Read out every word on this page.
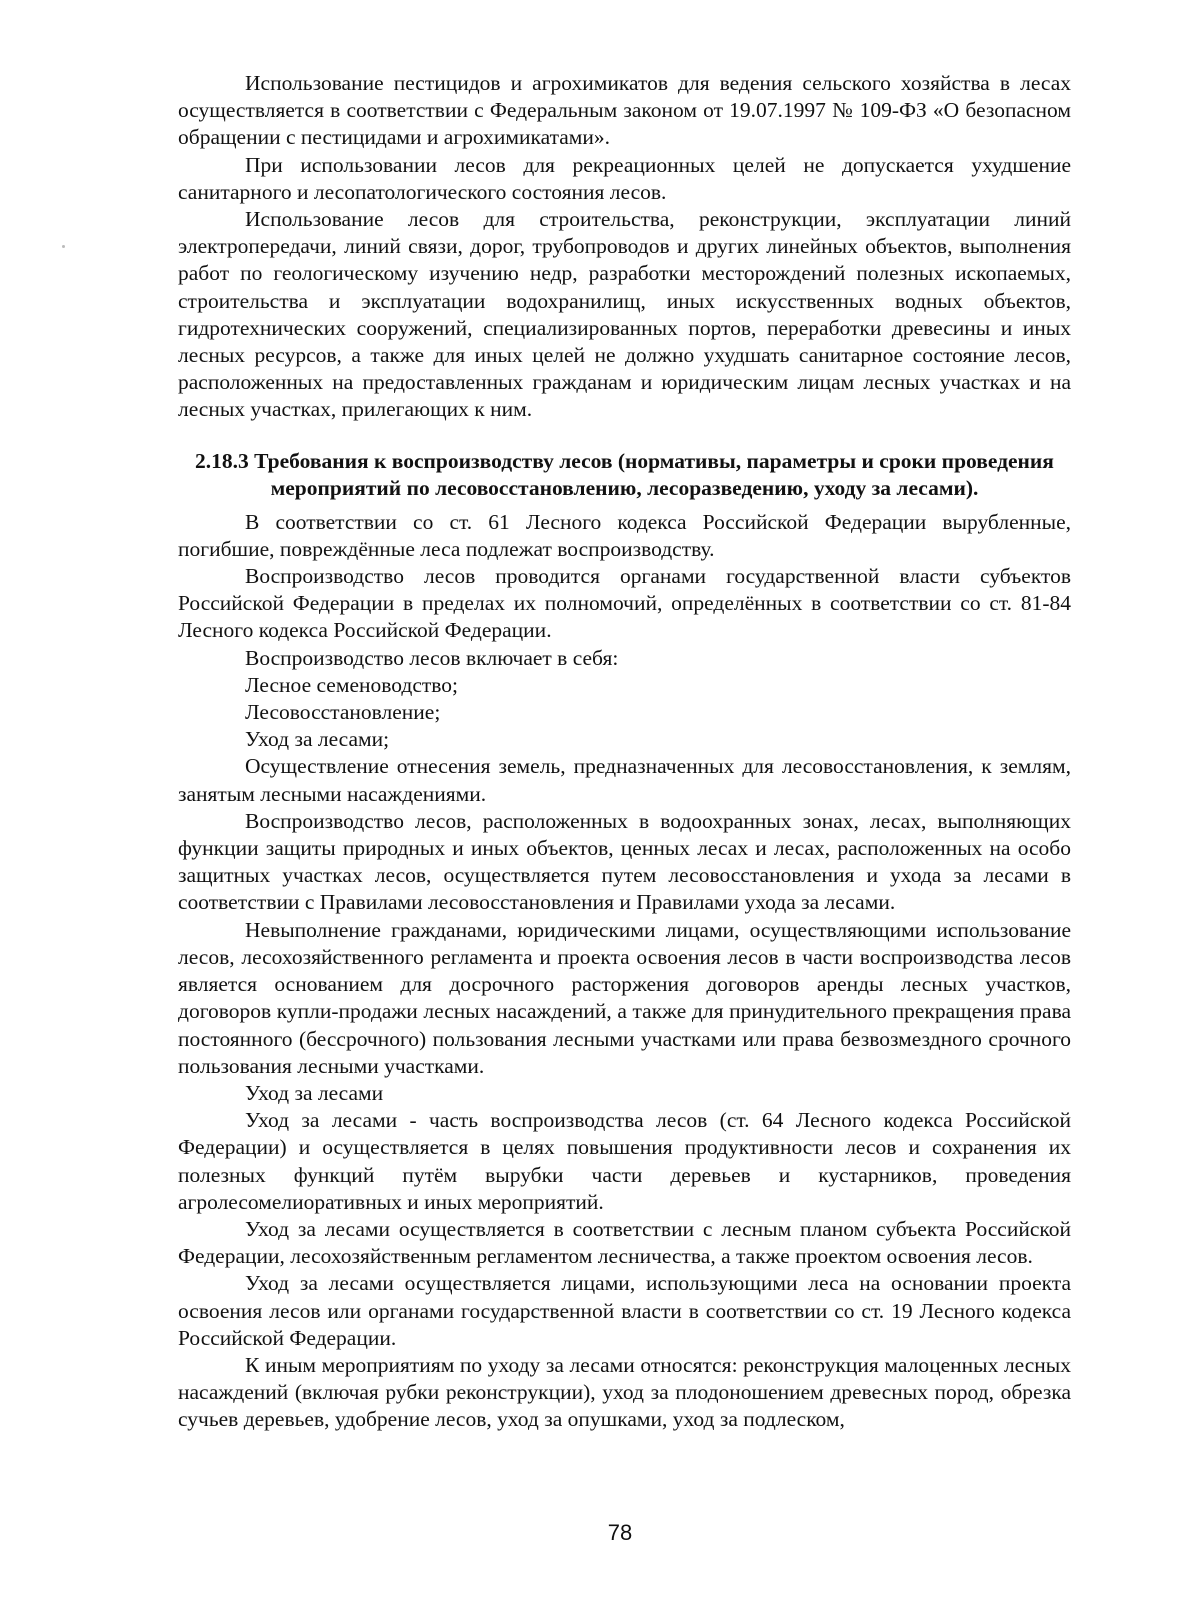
Использование пестицидов и агрохимикатов для ведения сельского хозяйства в лесах осуществляется в соответствии с Федеральным законом от 19.07.1997 № 109-ФЗ «О безопасном обращении с пестицидами и агрохимикатами».

При использовании лесов для рекреационных целей не допускается ухудшение санитарного и лесопатологического состояния лесов.

Использование лесов для строительства, реконструкции, эксплуатации линий электропередачи, линий связи, дорог, трубопроводов и других линейных объектов, выполнения работ по геологическому изучению недр, разработки месторождений полезных ископаемых, строительства и эксплуатации водохранилищ, иных искусственных водных объектов, гидротехнических сооружений, специализированных портов, переработки древесины и иных лесных ресурсов, а также для иных целей не должно ухудшать санитарное состояние лесов, расположенных на предоставленных гражданам и юридическим лицам лесных участках и на лесных участках, прилегающих к ним.

2.18.3 Требования к воспроизводству лесов (нормативы, параметры и сроки проведения мероприятий по лесовосстановлению, лесоразведению, уходу за лесами).

В соответствии со ст. 61 Лесного кодекса Российской Федерации вырубленные, погибшие, повреждённые леса подлежат воспроизводству.

Воспроизводство лесов проводится органами государственной власти субъектов Российской Федерации в пределах их полномочий, определённых в соответствии со ст. 81-84 Лесного кодекса Российской Федерации.

Воспроизводство лесов включает в себя:

Лесное семеноводство;

Лесовосстановление;

Уход за лесами;

Осуществление отнесения земель, предназначенных для лесовосстановления, к землям, занятым лесными насаждениями.

Воспроизводство лесов, расположенных в водоохранных зонах, лесах, выполняющих функции защиты природных и иных объектов, ценных лесах и лесах, расположенных на особо защитных участках лесов, осуществляется путем лесовосстановления и ухода за лесами в соответствии с Правилами лесовосстановления и Правилами ухода за лесами.

Невыполнение гражданами, юридическими лицами, осуществляющими использование лесов, лесохозяйственного регламента и проекта освоения лесов в части воспроизводства лесов является основанием для досрочного расторжения договоров аренды лесных участков, договоров купли-продажи лесных насаждений, а также для принудительного прекращения права постоянного (бессрочного) пользования лесными участками или права безвозмездного срочного пользования лесными участками.

Уход за лесами

Уход за лесами - часть воспроизводства лесов (ст. 64 Лесного кодекса Российской Федерации) и осуществляется в целях повышения продуктивности лесов и сохранения их полезных функций путём вырубки части деревьев и кустарников, проведения агролесомелиоративных и иных мероприятий.

Уход за лесами осуществляется в соответствии с лесным планом субъекта Российской Федерации, лесохозяйственным регламентом лесничества, а также проектом освоения лесов.

Уход за лесами осуществляется лицами, использующими леса на основании проекта освоения лесов или органами государственной власти в соответствии со ст. 19 Лесного кодекса Российской Федерации.

К иным мероприятиям по уходу за лесами относятся: реконструкция малоценных лесных насаждений (включая рубки реконструкции), уход за плодоношением древесных пород, обрезка сучьев деревьев, удобрение лесов, уход за опушками, уход за подлеском,

78
